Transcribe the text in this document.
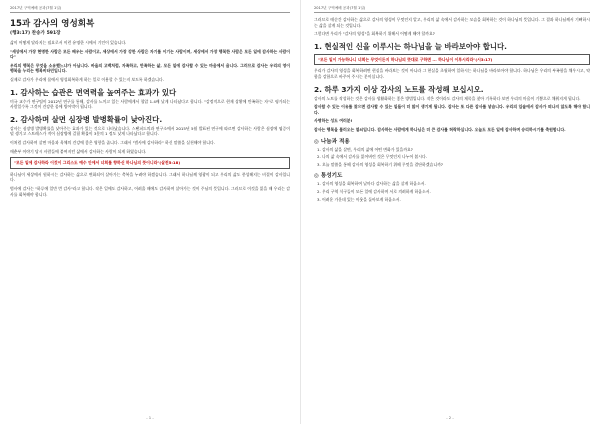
2017년 구역예배 공과(7월 1일)
15과 감사의 영성회복
(행3:17) 찬송가 591장

삶이 어떻게 달라지는 필요로서 이런 유명한 시에서 기인이 있습니다.

"세상에서 가장 현명한 사람은 모든 배우는 사람이고, 세상에서 가장 강한 사람은 자기를 이기는 사람이며, 세상에서 가장 행복한 사람은 모든 일에 감사하는 사람이다"

우리의 행복은 무엇을 소유했느냐가 아닙니다. 바울의 고백처럼, 자족하고, 만족하는 삶, 모든 일에 감사할 수 있는 마음에서 옵니다. 그러므로 감사는 우리의 영이 행복을 누리는 행복비타민입니다.

실제로 감사가 우리에 몸에서 영성회복하게 하는 일로 이용할 수 있는지 보도록 하겠습니다.

1. 감사하는 습관은 면역력을 높여주는 효과가 있다

미국 교수가 연구팀이 2012년 연구를 통해, 감사를 느끼고 있는 사람에게서 혈압 1.4배 낮게 나타났다고 합니다. "감정적으로 현재 상황에 만족하는 자"로 평가되는 사람일수록 그것이 건강한 몸에 방어막이 됩니다.

2. 감사하며 살면 심장병 발병확률이 낮아진다.

감사는 심장병 발병확률을 낮아주는 효과가 있는 것으로 나타났습니다. 스탠퍼드의과 연구소에서 2015년 5월 발표된 연구에 따르면 감사하는 사람은 심장에 염증이 덜 생기고 스트레스가 적어 심장병에 걸릴 확률이 3분의 1 정도 낮게 나타났다고 합니다.

이처럼 감사하며 살면 마음과 육체의 건강에 좋은 영향을 줍니다. 그래서 "범사에 감사하라" 하신 말씀을 실천해야 합니다.

매춘부 이야기 당시 사람들에 붙여지던 삶에서 감사하는 사람이 되게 하였습니다.

"모든 일에 감사하라 이것이 그리스도 예수 안에서 너희를 향하신 하나님의 뜻이니라"(살전5:18)

하나님이 세상에서 원하시는 감사하는 삶으로 변화되어 살아가는 축복을 누려야 하겠습니다. 그래서 하나님께 영광이 되고 우리의 삶도 풍성해지는 비결이 감사입니다.

범사에 감사는 "하루에 일만 번 감사"라고 합니다. 작은 일에도 감사하고, 어려울 때에도 감사하며 살아가는 것이 주님의 뜻입니다. 그러므로 이것을 잃을 때 우리는 감사를 회복해야 합니다.

- 1 -
2017년 구역예배 공과(7월 1일)

그러므로 매순간 감사하는 삶으로 감사의 영성이 무엇인지 알고, 우리의 삶 속에서 감사하는 모습을 회복하는 것이 하나님의 뜻입니다. 그 결과 하나님께서 기뻐하시는 삶을 살게 되는 것입니다.

그렇다면 우리가 "감사의 영성"을 회복하기 위해서 어떻게 해야 할까요?

1. 현실적인 신을 이루시는 하나님을 늘 바라보아야 합니다.
"모든 일이 가능하나니 너희는 무엇이든지 하나님의 뜻대로 구하면 ... 하나님이 이루시리라"(시3:17)

우리가 감사의 영성을 회복하려면 현실을 바라보는 것이 아니라 그 현실을 초월하여 일하시는 하나님을 바라보아야 합니다. 하나님은 우리의 부족함을 채우시고, 약함을 강함으로 바꾸어 주시는 분이십니다.

2. 하루 3가지 이상 감사의 노트를 작성해 보십시오.

감사의 노트를 작성하는 것은 감사를 생활화하는 좋은 방법입니다. 작은 것이라도 감사의 제목을 찾아 기록하다 보면 우리의 마음이 기쁨으로 채워지게 됩니다.

감사할 수 있는 이유를 찾으면 감사할 수 있는 일들이 더 많이 생기게 됩니다. 감사는 또 다른 감사를 낳습니다. 우리의 입술에서 감사가 떠나지 않도록 해야 합니다.

사명하는 성도 여러분!

감사는 행복을 불러오는 열쇠입니다. 감사하는 사람에게 하나님은 더 큰 감사를 허락하십니다. 오늘도 모든 일에 감사하며 승리하시기를 축원합니다.

◎ 나눔과 적용
1. 감사의 삶을 살면, 우리의 삶에 어떤 변화가 있을까요?
2. 나의 삶 속에서 감사를 잃어버린 것은 무엇인지 나누어 봅시다.
3. 오늘 말씀을 통해 감사의 영성을 회복하기 위해 무엇을 결단하겠습니까?
◎ 통성기도
1. 감사의 영성을 회복하여 날마다 감사하는 삶을 살게 하옵소서.
2. 우리 구역 식구들이 모든 일에 감사하며 서로 격려하게 하옵소서.
3. 어려운 가운데 있는 이웃을 돌아보게 하옵소서.
- 2 -
